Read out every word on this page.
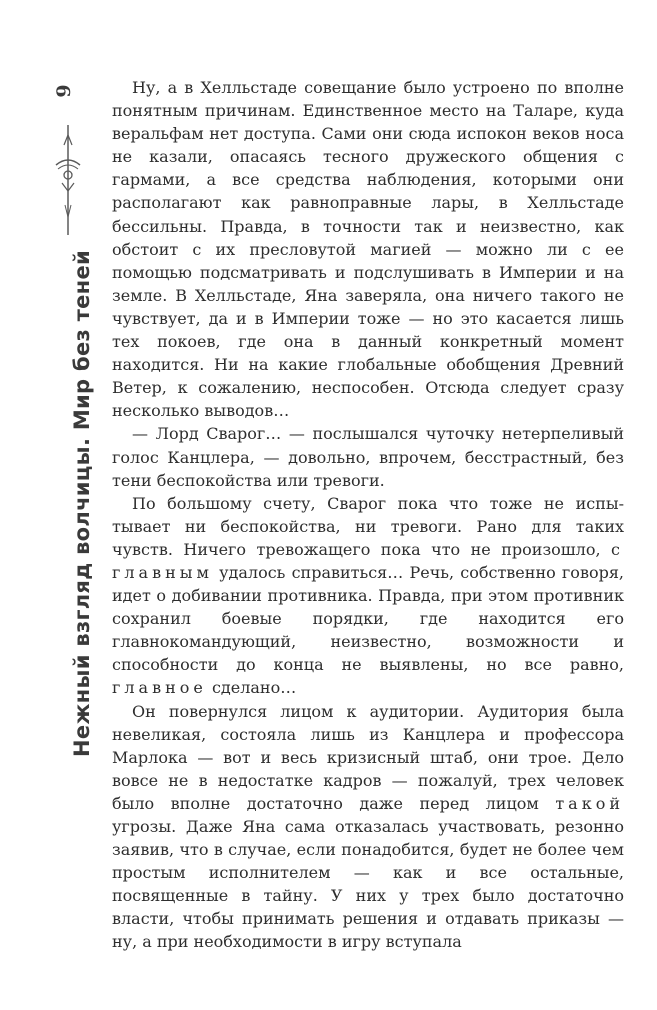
6
Нежный взгляд волчицы. Мир без теней

Ну, а в Хелльстаде совещание было устроено по вполне понятным причинам. Единственное место на Таларе, куда верaльфам нет доступа. Сами они сюда испокон веков носа не казали, опасаясь тесного дружеского общения с гармами, а все средства наблюдения, которыми они располагают как равноправные лары, в Хелльстаде бессильны. Правда, в точности так и неизвестно, как обстоит с их пресловутой магией — можно ли с ее помощью подсматривать и подслушивать в Империи и на земле. В Хелльстаде, Яна заверяла, она ничего такого не чувствует, да и в Империи тоже — но это касается лишь тех покоев, где она в данный конкретный момент находится. Ни на какие глобальные обобщения Древний Ветер, к сожалению, неспособен. Отсюда следует сразу несколько выводов…

— Лорд Сварог… — послышался чуточку нетерпеливый голос Канцлера, — довольно, впрочем, бесстрастный, без тени беспокойства или тревоги.

По большому счету, Сварог пока что тоже не испытывает ни беспокойства, ни тревоги. Рано для таких чувств. Ничего тревожащего пока что не произошло, с главным удалось справиться… Речь, собственно говоря, идет о добивании противника. Правда, при этом противник сохранил боевые порядки, где находится его главнокомандующий, неизвестно, возможности и способности до конца не выявлены, но все равно, главное сделано…

Он повернулся лицом к аудитории. Аудитория была невеликая, состояла лишь из Канцлера и профессора Марлока — вот и весь кризисный штаб, они трое. Дело вовсе не в недостатке кадров — пожалуй, трех человек было вполне достаточно даже перед лицом такой угрозы. Даже Яна сама отказалась участвовать, резонно заявив, что в случае, если понадобится, будет не более чем простым исполнителем — как и все остальные, посвященные в тайну. У них у трех было достаточно власти, чтобы принимать решения и отдавать приказы — ну, а при необходимости в игру вступала
